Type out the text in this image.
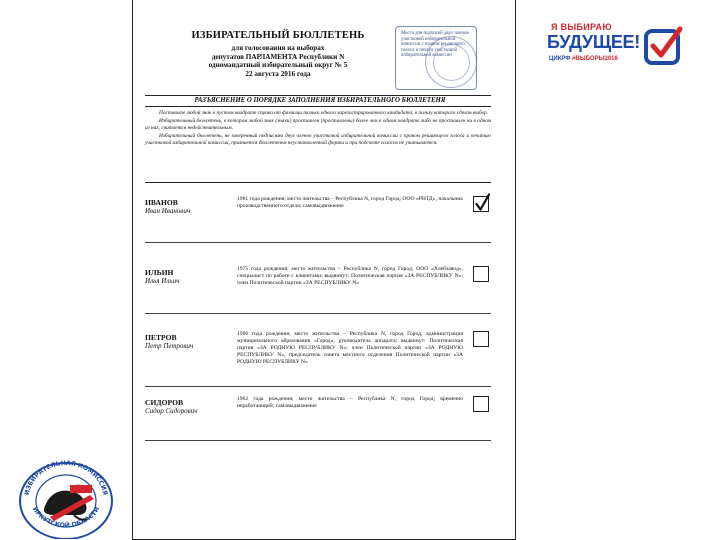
ИЗБИРАТЕЛЬНЫЙ БЮЛЛЕТЕНЬ
для голосования на выборах
депутатов ПАРЛАМЕНТА Республики N
одномандатный избирательный округ № 5
22 августа 2016 года
Место для подписей двух членов участковой избирательной комиссии с правом решающего голоса и печати участковой избирательной комиссии
РАЗЪЯСНЕНИЕ О ПОРЯДКЕ ЗАПОЛНЕНИЯ ИЗБИРАТЕЛЬНОГО БЮЛЛЕТЕНЯ

Поставьте любой знак в пустом квадрате справа от фамилии только одного зарегистрированного кандидата, в пользу которого сделан выбор.

Избирательный бюллетень, в котором любой знак (знаки) проставлен (проставлены) более чем в одном квадрате либо не проставлен ни в одном из них, считается недействительным.

Избирательный бюллетень, не заверенный подписями двух членов участковой избирательной комиссии с правом решающего голоса и печатью участковой избирательной комиссии, признается бюллетенем неустановленной формы и при подсчете голосов не учитывается.

ИВАНОВ
Иван Иванович
1981 года рождения; место жительства – Республика N, город Город; ООО «РНТД», начальник производственного отдела; самовыдвижение
ИЛЬИН
Илья Ильич
1975 года рождения; место жительства – Республика N, город Город; ООО «Хлебзавод», специалист по работе с клиентами; выдвинут: Политическая партия «ЗА РЕСПУБЛИКУ N»; член Политической партии «ЗА РЕСПУБЛИКУ N»
ПЕТРОВ
Петр Петрович
1966 года рождения; место жительства – Республика N, город Город; администрация муниципального образования «Город», руководитель аппарата; выдвинут: Политическая партия «ЗА РОДНУЮ РЕСПУБЛИКУ N»; член Политической партии «ЗА РОДНУЮ РЕСПУБЛИКУ N», председатель совета местного отделения Политической партии «ЗА РОДНУЮ РЕСПУБЛИКУ N»
СИДОРОВ
Сидор Сидорович
1962 года рождения; место жительства – Республика N, город Город; временно неработающий; самовыдвижение
Я ВЫБИРАЮ
БУДУЩЕЕ!
ЦИКРФ #ВЫБОРЫ2016
ИЗБИРАТЕЛЬНАЯ КОМИССИЯ
ИРКУТСКОЙ ОБЛАСТИ
